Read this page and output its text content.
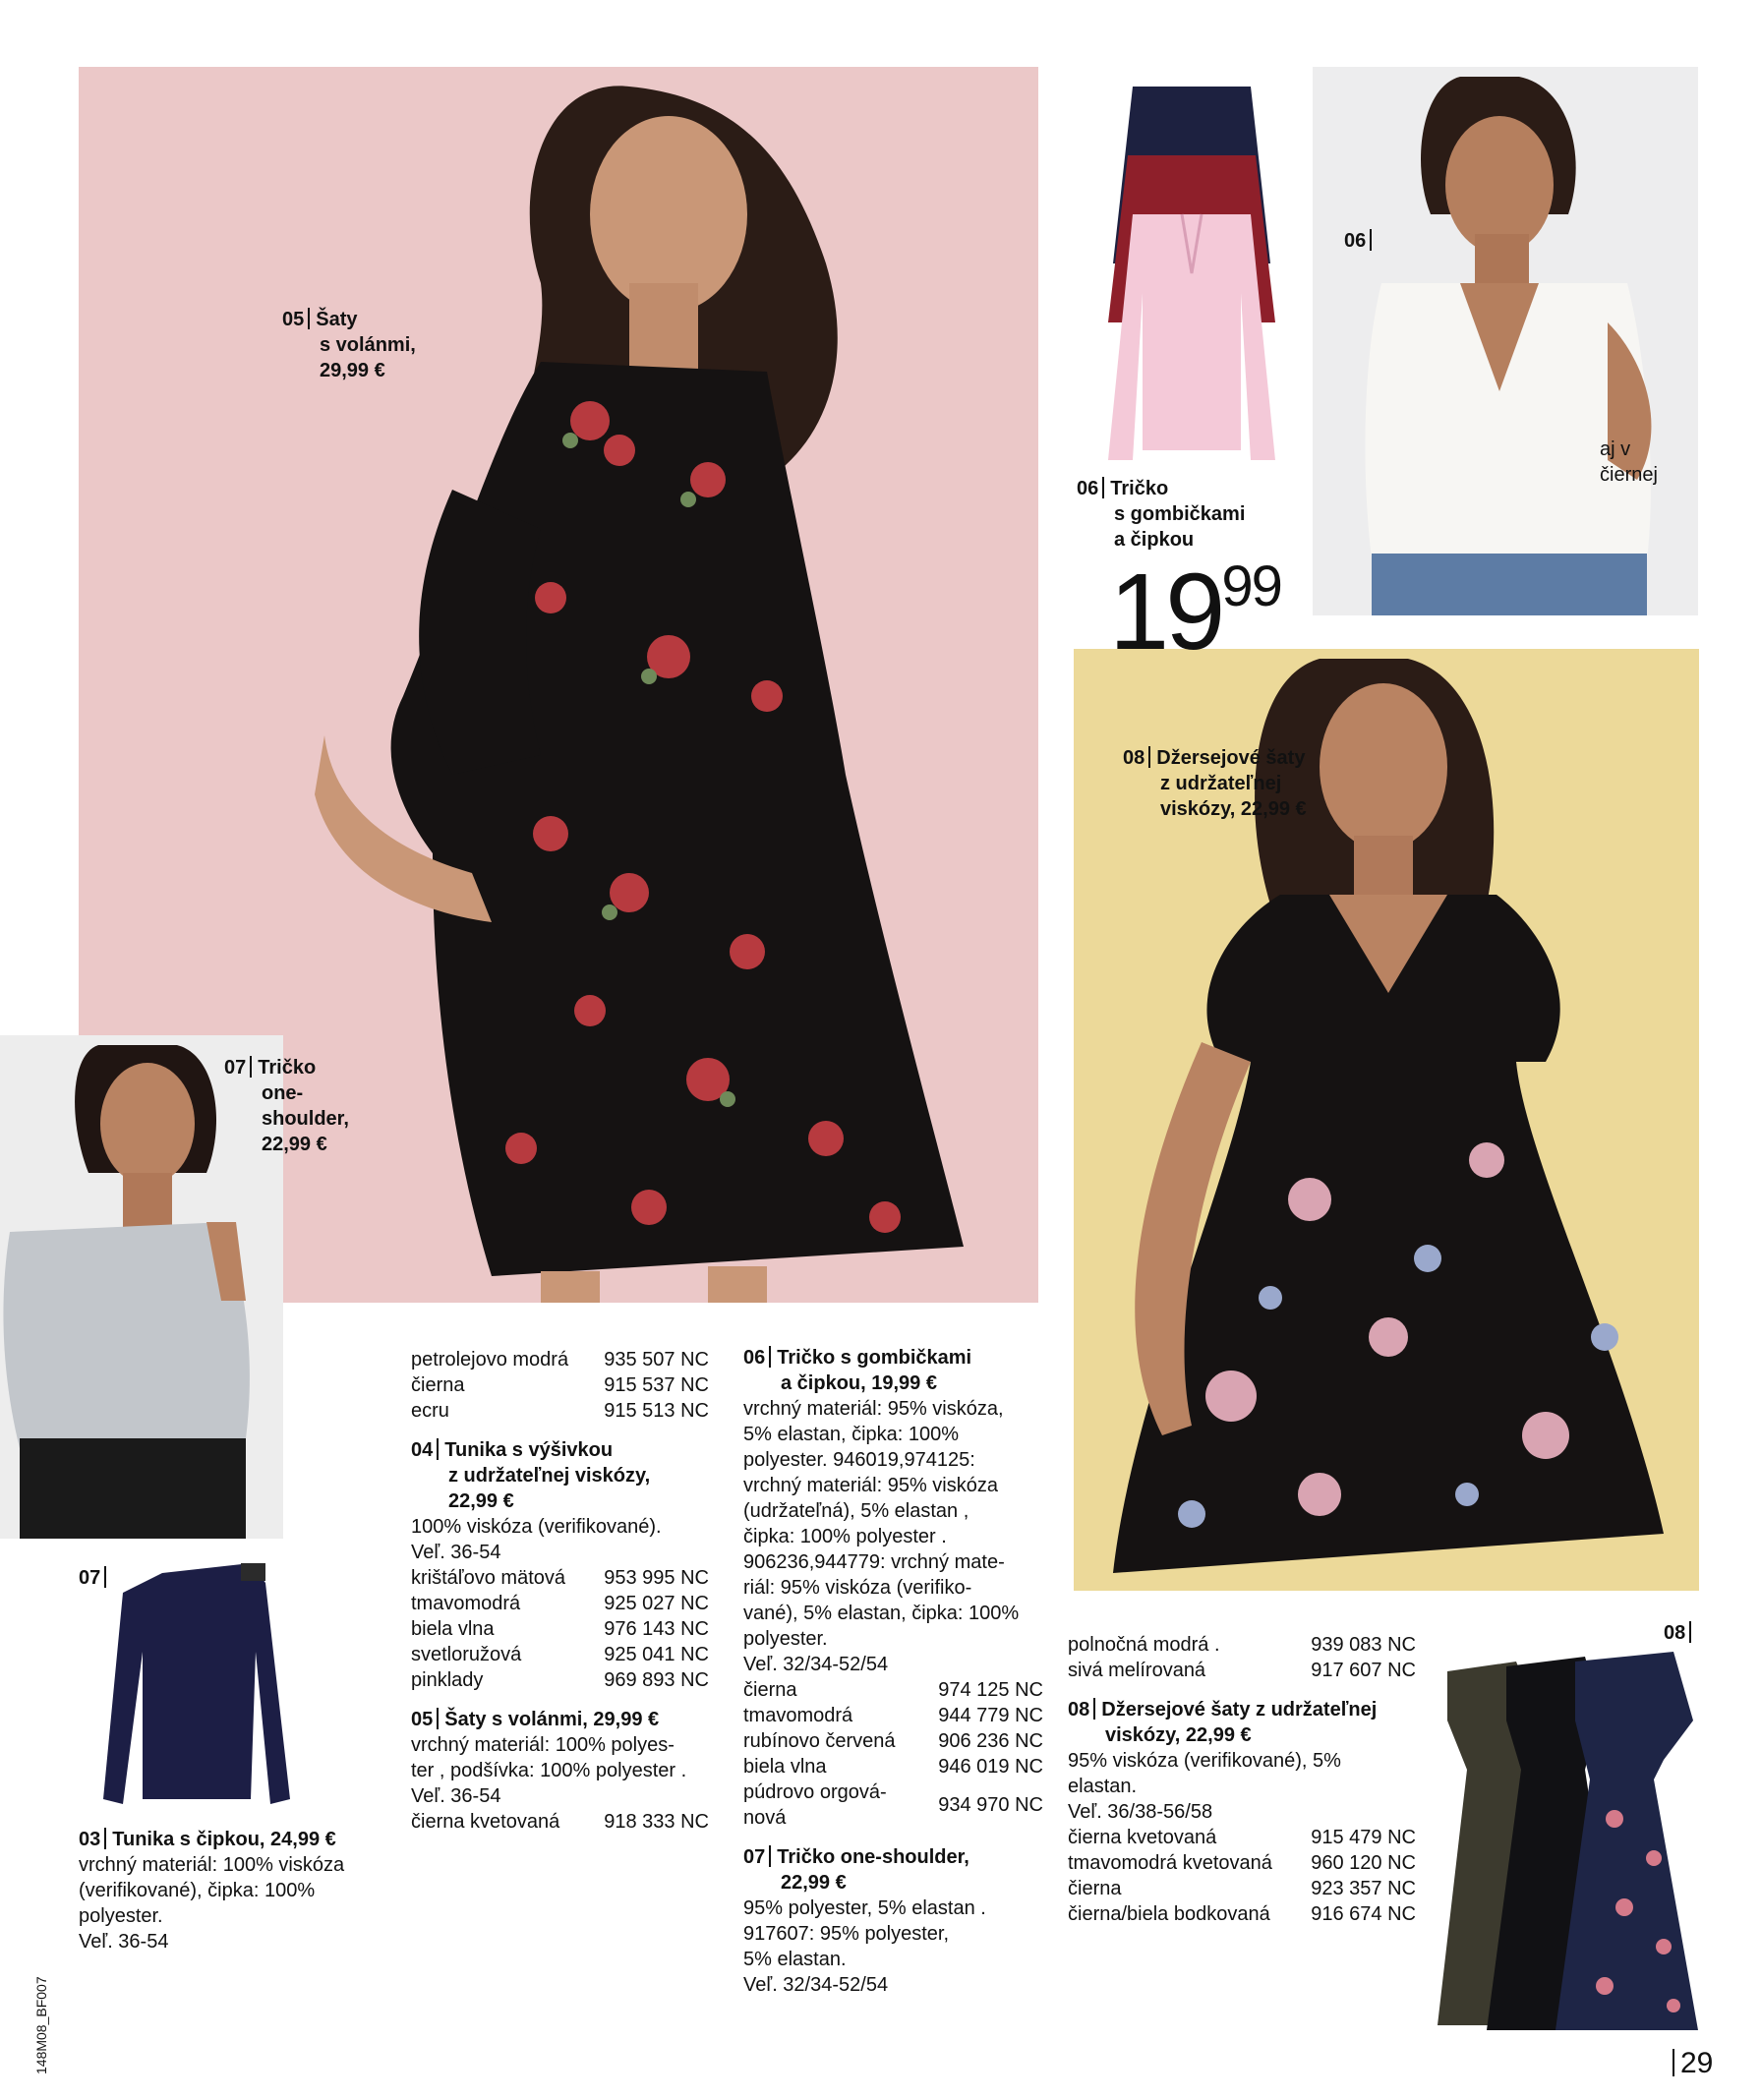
05 Šaty
s volánmi,
29,99 €
06
06 Tričko
s gombičkami
a čipkou
1999
aj v
čiernej
07 Tričko
one-
shoulder,
22,99 €
07
08 Džersejové šaty
z udržateľnej
viskózy, 22,99 €
08
03 Tunika s čipkou, 24,99 €
vrchný materiál: 100% viskóza
(verifikované), čipka: 100%
polyester.
Veľ. 36-54
petrolejovo modrá 935 507 NC
čierna	915 537 NC
ecru	915 513 NC
04 Tunika s výšivkou
z udržateľnej viskózy,
22,99 €
100% viskóza (verifikované).
Veľ. 36-54
krištáľovo mätová 953 995 NC
tmavomodrá	925 027 NC
biela vlna	976 143 NC
svetloružová	925 041 NC
pinklady	969 893 NC
05 Šaty s volánmi, 29,99 €
vrchný materiál: 100% polyes-
ter , podšívka: 100% polyester .
Veľ. 36-54
čierna kvetovaná 918 333 NC
06 Tričko s gombičkami
a čipkou, 19,99 €
vrchný materiál: 95% viskóza,
5% elastan, čipka: 100%
polyester. 946019,974125:
vrchný materiál: 95% viskóza
(udržateľná), 5% elastan ,
čipka: 100% polyester .
906236,944779: vrchný mate-
riál: 95% viskóza (verifiko-
vané), 5% elastan, čipka: 100%
polyester.
Veľ. 32/34-52/54
čierna	974 125 NC
tmavomodrá	944 779 NC
rubínovo červená 906 236 NC
biela vlna	946 019 NC
púdrovo orgová-
nová
934 970 NC
07 Tričko one-shoulder,
22,99 €
95% polyester, 5% elastan .
917607: 95% polyester,
5% elastan.
Veľ. 32/34-52/54
polnočná modrá .	939 083 NC
sivá melírovaná	917 607 NC
08 Džersejové šaty z udržateľnej
viskózy, 22,99 €
95% viskóza (verifikované), 5%
elastan.
Veľ. 36/38-56/58
čierna kvetovaná	915 479 NC
tmavomodrá kvetovaná 960 120 NC
čierna	923 357 NC
čierna/biela bodkovaná 916 674 NC
29
148M08_BF007
